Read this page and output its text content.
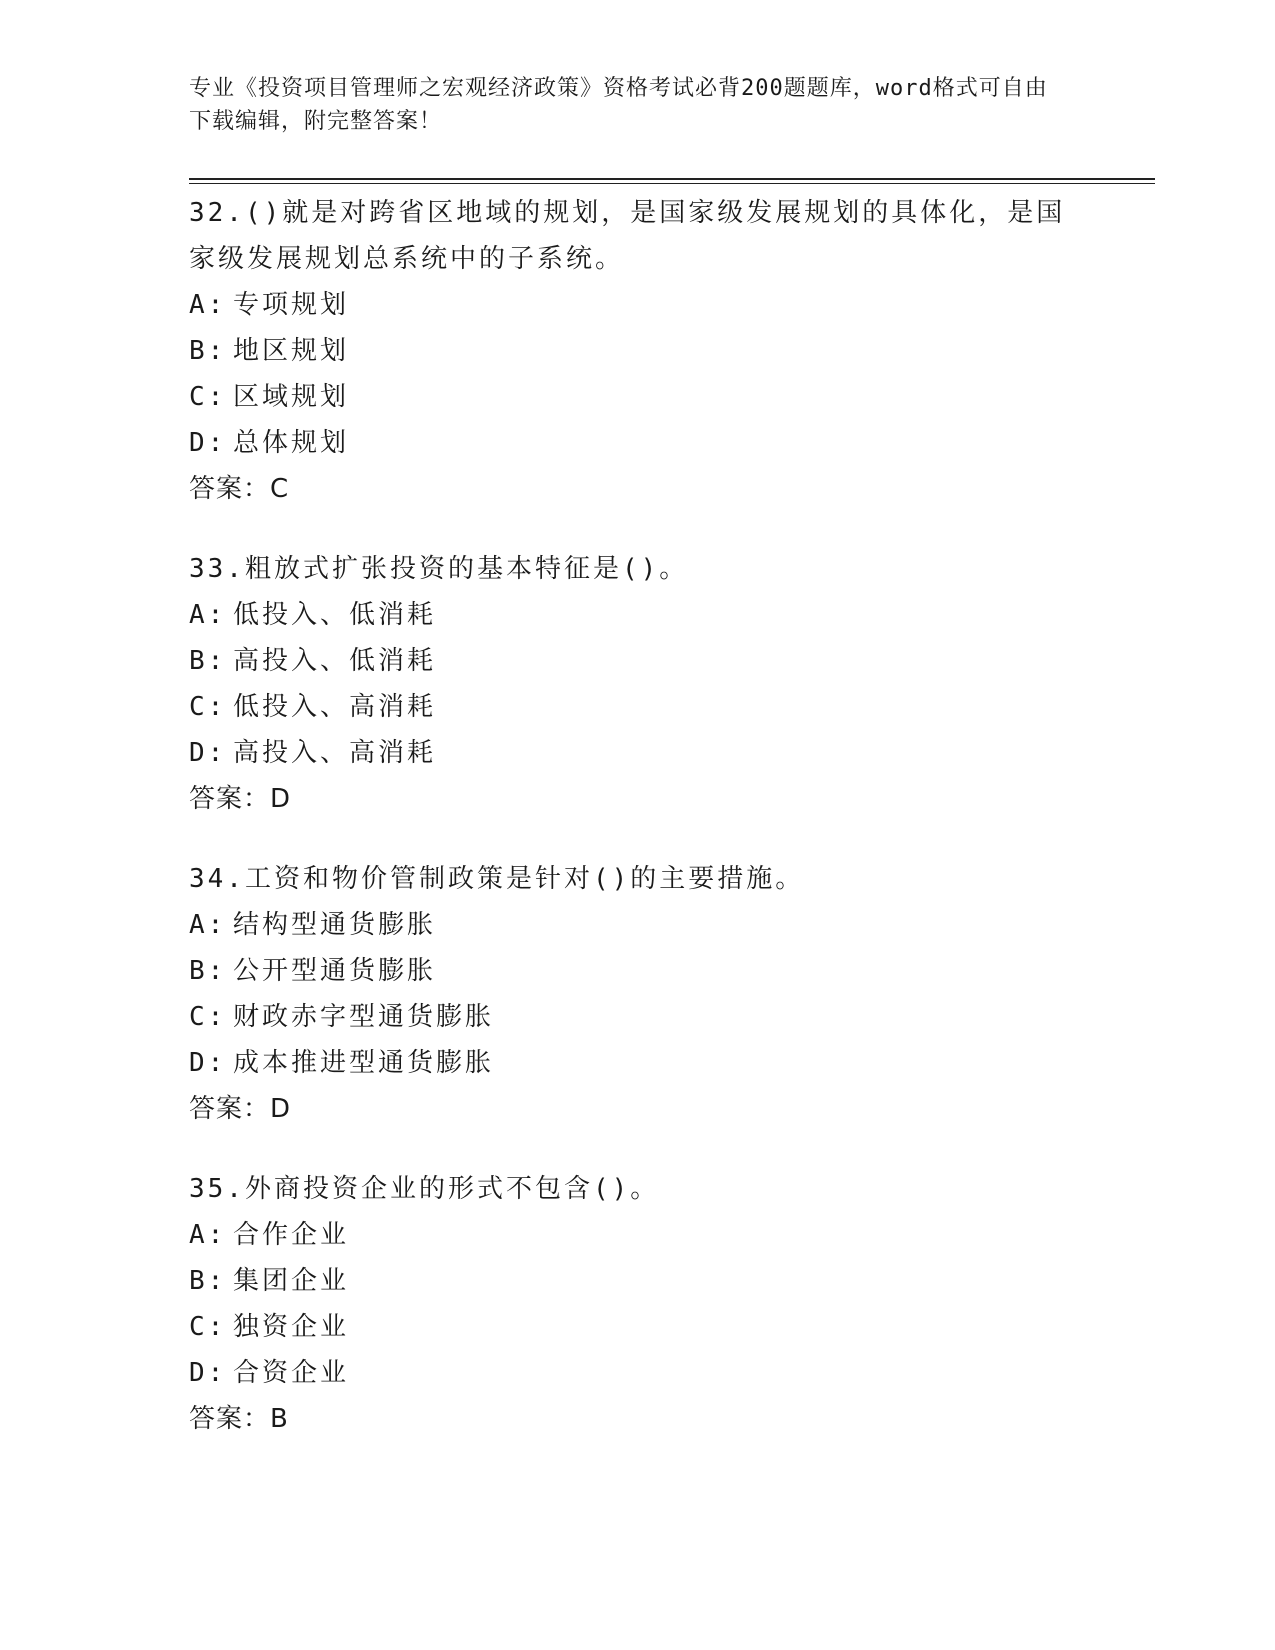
专业《投资项目管理师之宏观经济政策》资格考试必背200题题库，word格式可自由下载编辑，附完整答案！
32.()就是对跨省区地域的规划，是国家级发展规划的具体化，是国家级发展规划总系统中的子系统。
A: 专项规划
B: 地区规划
C: 区域规划
D: 总体规划
答案：C
33.粗放式扩张投资的基本特征是()。
A: 低投入、低消耗
B: 高投入、低消耗
C: 低投入、高消耗
D: 高投入、高消耗
答案：D
34.工资和物价管制政策是针对()的主要措施。
A: 结构型通货膨胀
B: 公开型通货膨胀
C: 财政赤字型通货膨胀
D: 成本推进型通货膨胀
答案：D
35.外商投资企业的形式不包含()。
A: 合作企业
B: 集团企业
C: 独资企业
D: 合资企业
答案：B
